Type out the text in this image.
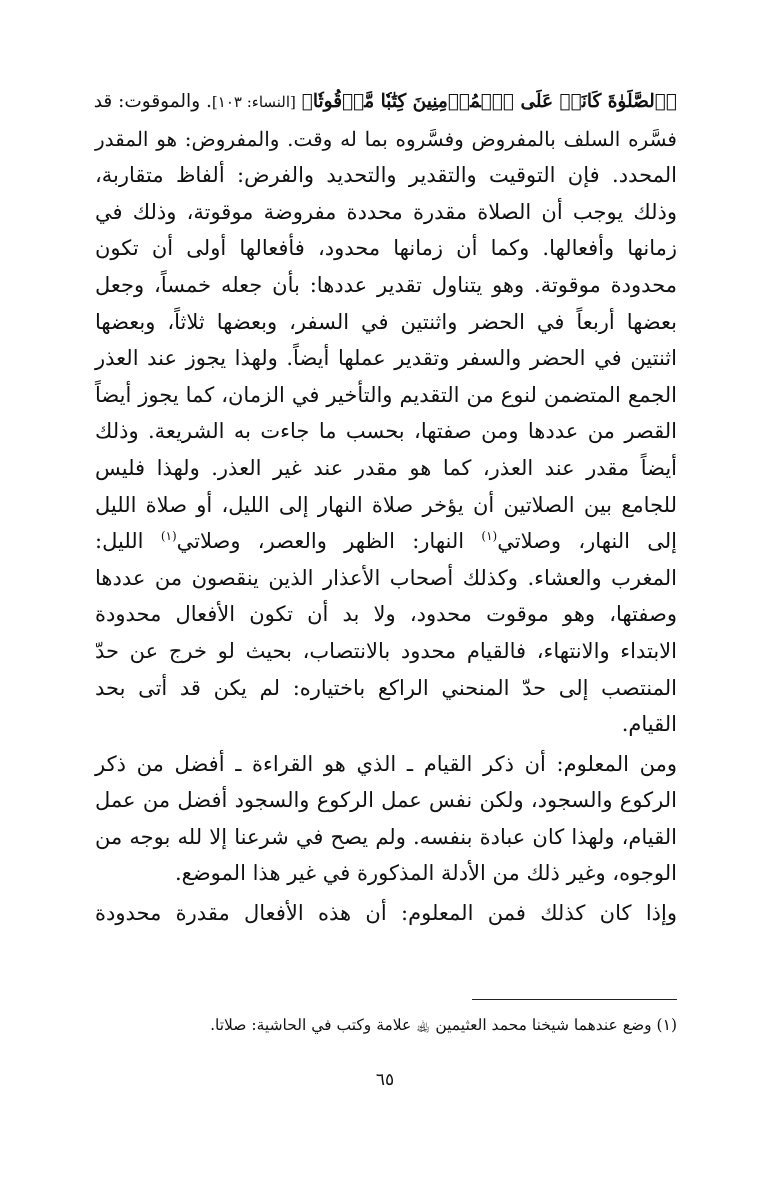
﴿ٱلصَّلَوٰةَ كَانَتۡ عَلَى ٱلۡمُؤۡمِنِينَ كِتَٰبٗا مَّوۡقُوتٗا﴾ [النساء: ١٠٣]. والموقوت: قد
فسَّره السلف بالمفروض وفسَّروه بما له وقت. والمفروض: هو المقدر
المحدد. فإن التوقيت والتقدير والتحديد والفرض: ألفاظ متقاربة،
وذلك يوجب أن الصلاة مقدرة محددة مفروضة موقوتة، وذلك في
زمانها وأفعالها. وكما أن زمانها محدود، فأفعالها أولى أن تكون
محدودة موقوتة. وهو يتناول تقدير عددها: بأن جعله خمساً، وجعل
بعضها أربعاً في الحضر واثنتين في السفر، وبعضها ثلاثاً، وبعضها
اثنتين في الحضر والسفر وتقدير عملها أيضاً. ولهذا يجوز عند العذر
الجمع المتضمن لنوع من التقديم والتأخير في الزمان، كما يجوز أيضاً
القصر من عددها ومن صفتها، بحسب ما جاءت به الشريعة. وذلك
أيضاً مقدر عند العذر، كما هو مقدر عند غير العذر. ولهذا فليس
للجامع بين الصلاتين أن يؤخر صلاة النهار إلى الليل، أو صلاة الليل
إلى النهار، وصلاتي$^{(١)}$ النهار: الظهر والعصر، وصلاتي$^{(١)}$ الليل:
المغرب والعشاء. وكذلك أصحاب الأعذار الذين ينقصون من عددها
وصفتها، وهو موقوت محدود، ولا بد أن تكون الأفعال محدودة
الابتداء والانتهاء، فالقيام محدود بالانتصاب، بحيث لو خرج عن حدّ
المنتصب إلى حدّ المنحني الراكع باختياره: لم يكن قد أتى بحد
القيام.

ومن المعلوم: أن ذكر القيام ـ الذي هو القراءة ـ أفضل من ذكر
الركوع والسجود، ولكن نفس عمل الركوع والسجود أفضل من عمل
القيام، ولهذا كان عبادة بنفسه. ولم يصح في شرعنا إلا لله بوجه من
الوجوه، وغير ذلك من الأدلة المذكورة في غير هذا الموضع.

وإذا كان كذلك فمن المعلوم: أن هذه الأفعال مقدرة محدودة

(١) وضع عندهما شيخنا محمد العثيمين ﵀ علامة وكتب في الحاشية: صلاتا.
٦٥
